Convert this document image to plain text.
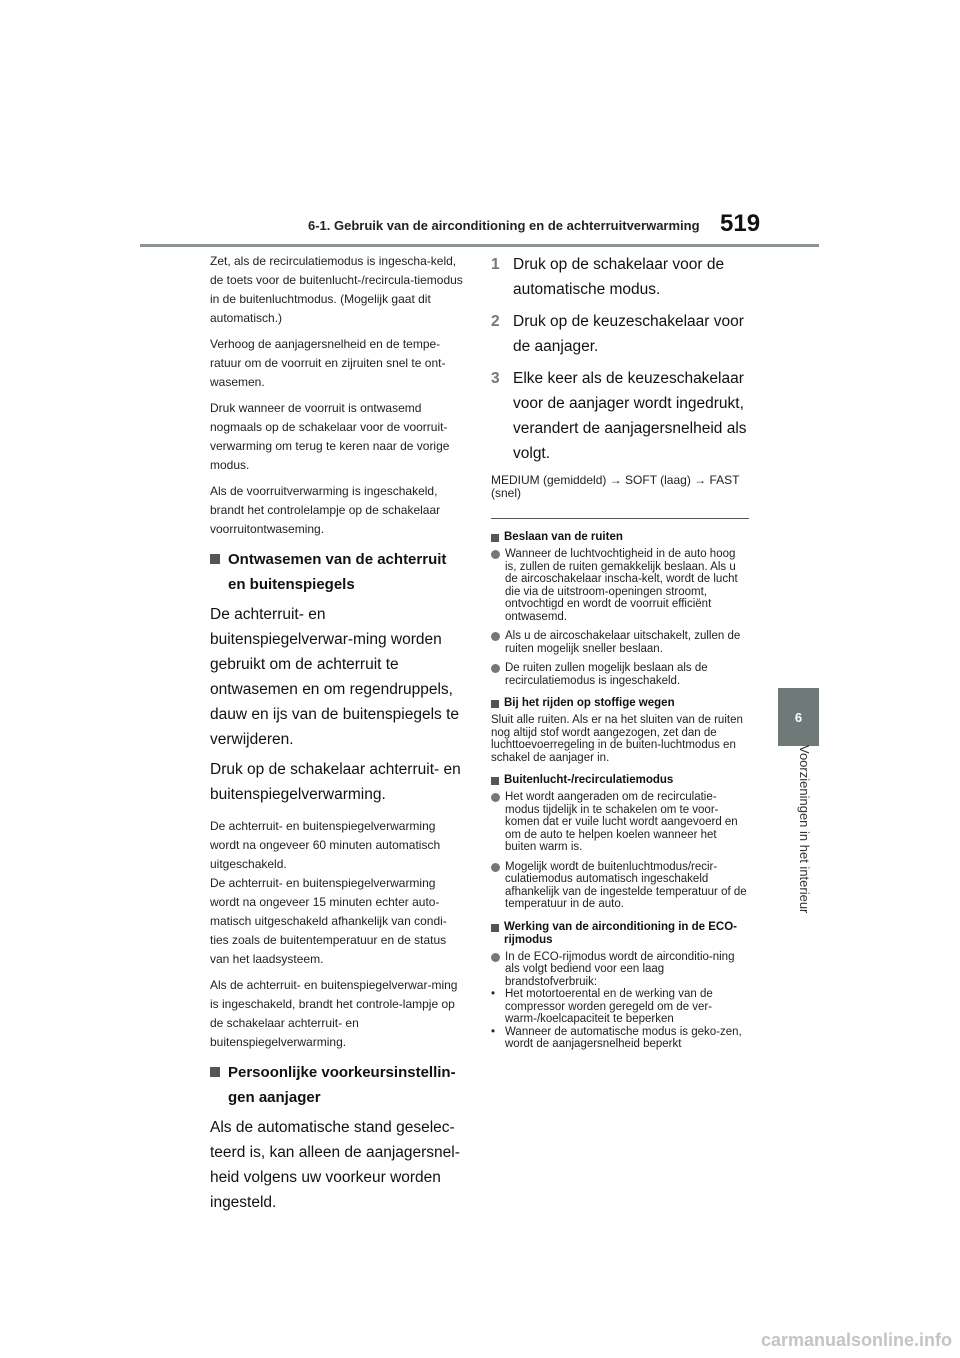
6-1. Gebruik van de airconditioning en de achterruitverwarming 519
6
Voorzieningen in het interieur

Zet, als de recirculatiemodus is ingescha-keld, de toets voor de buitenlucht-/recircula-tiemodus in de buitenluchtmodus. (Mogelijk gaat dit automatisch.)

Verhoog de aanjagersnelheid en de tempe-ratuur om de voorruit en zijruiten snel te ont-wasemen.

Druk wanneer de voorruit is ontwasemd nogmaals op de schakelaar voor de voorruit-verwarming om terug te keren naar de vorige modus.

Als de voorruitverwarming is ingeschakeld, brandt het controlelampje op de schakelaar voorruitontwaseming.

Ontwasemen van de achterruit en buitenspiegels

De achterruit- en buitenspiegelverwar-ming worden gebruikt om de achterruit te ontwasemen en om regendruppels, dauw en ijs van de buitenspiegels te verwijderen.

Druk op de schakelaar achterruit- en buitenspiegelverwarming.

De achterruit- en buitenspiegelverwarming wordt na ongeveer 60 minuten automatisch uitgeschakeld.

De achterruit- en buitenspiegelverwarming wordt na ongeveer 15 minuten echter auto-matisch uitgeschakeld afhankelijk van condi-ties zoals de buitentemperatuur en de status van het laadsysteem.

Als de achterruit- en buitenspiegelverwar-ming is ingeschakeld, brandt het controle-lampje op de schakelaar achterruit- en buitenspiegelverwarming.

Persoonlijke voorkeursinstellin-gen aanjager

Als de automatische stand geselec-teerd is, kan alleen de aanjagersnel-heid volgens uw voorkeur worden ingesteld.

1 Druk op de schakelaar voor de automatische modus.
2 Druk op de keuzeschakelaar voor de aanjager.
3 Elke keer als de keuzeschakelaar voor de aanjager wordt ingedrukt, verandert de aanjagersnelheid als volgt.

MEDIUM (gemiddeld) → SOFT (laag) → FAST (snel)

Beslaan van de ruiten
Wanneer de luchtvochtigheid in de auto hoog is, zullen de ruiten gemakkelijk beslaan. Als u de aircoschakelaar inscha-kelt, wordt de lucht die via de uitstroom-openingen stroomt, ontvochtigd en wordt de voorruit efficiënt ontwasemd.
Als u de aircoschakelaar uitschakelt, zullen de ruiten mogelijk sneller beslaan.
De ruiten zullen mogelijk beslaan als de recirculatiemodus is ingeschakeld.
Bij het rijden op stoffige wegen

Sluit alle ruiten. Als er na het sluiten van de ruiten nog altijd stof wordt aangezogen, zet dan de luchttoevoerregeling in de buiten-luchtmodus en schakel de aanjager in.

Buitenlucht-/recirculatiemodus
Het wordt aangeraden om de recirculatie-modus tijdelijk in te schakelen om te voor-komen dat er vuile lucht wordt aangevoerd en om de auto te helpen koelen wanneer het buiten warm is.
Mogelijk wordt de buitenluchtmodus/recir-culatiemodus automatisch ingeschakeld afhankelijk van de ingestelde temperatuur of de temperatuur in de auto.
Werking van de airconditioning in de ECO-rijmodus
In de ECO-rijmodus wordt de airconditio-ning als volgt bediend voor een laag brandstofverbruik:
• Het motortoerental en de werking van de compressor worden geregeld om de ver-warm-/koelcapaciteit te beperken
• Wanneer de automatische modus is geko-zen, wordt de aanjagersnelheid beperkt
carmanualsonline.info
